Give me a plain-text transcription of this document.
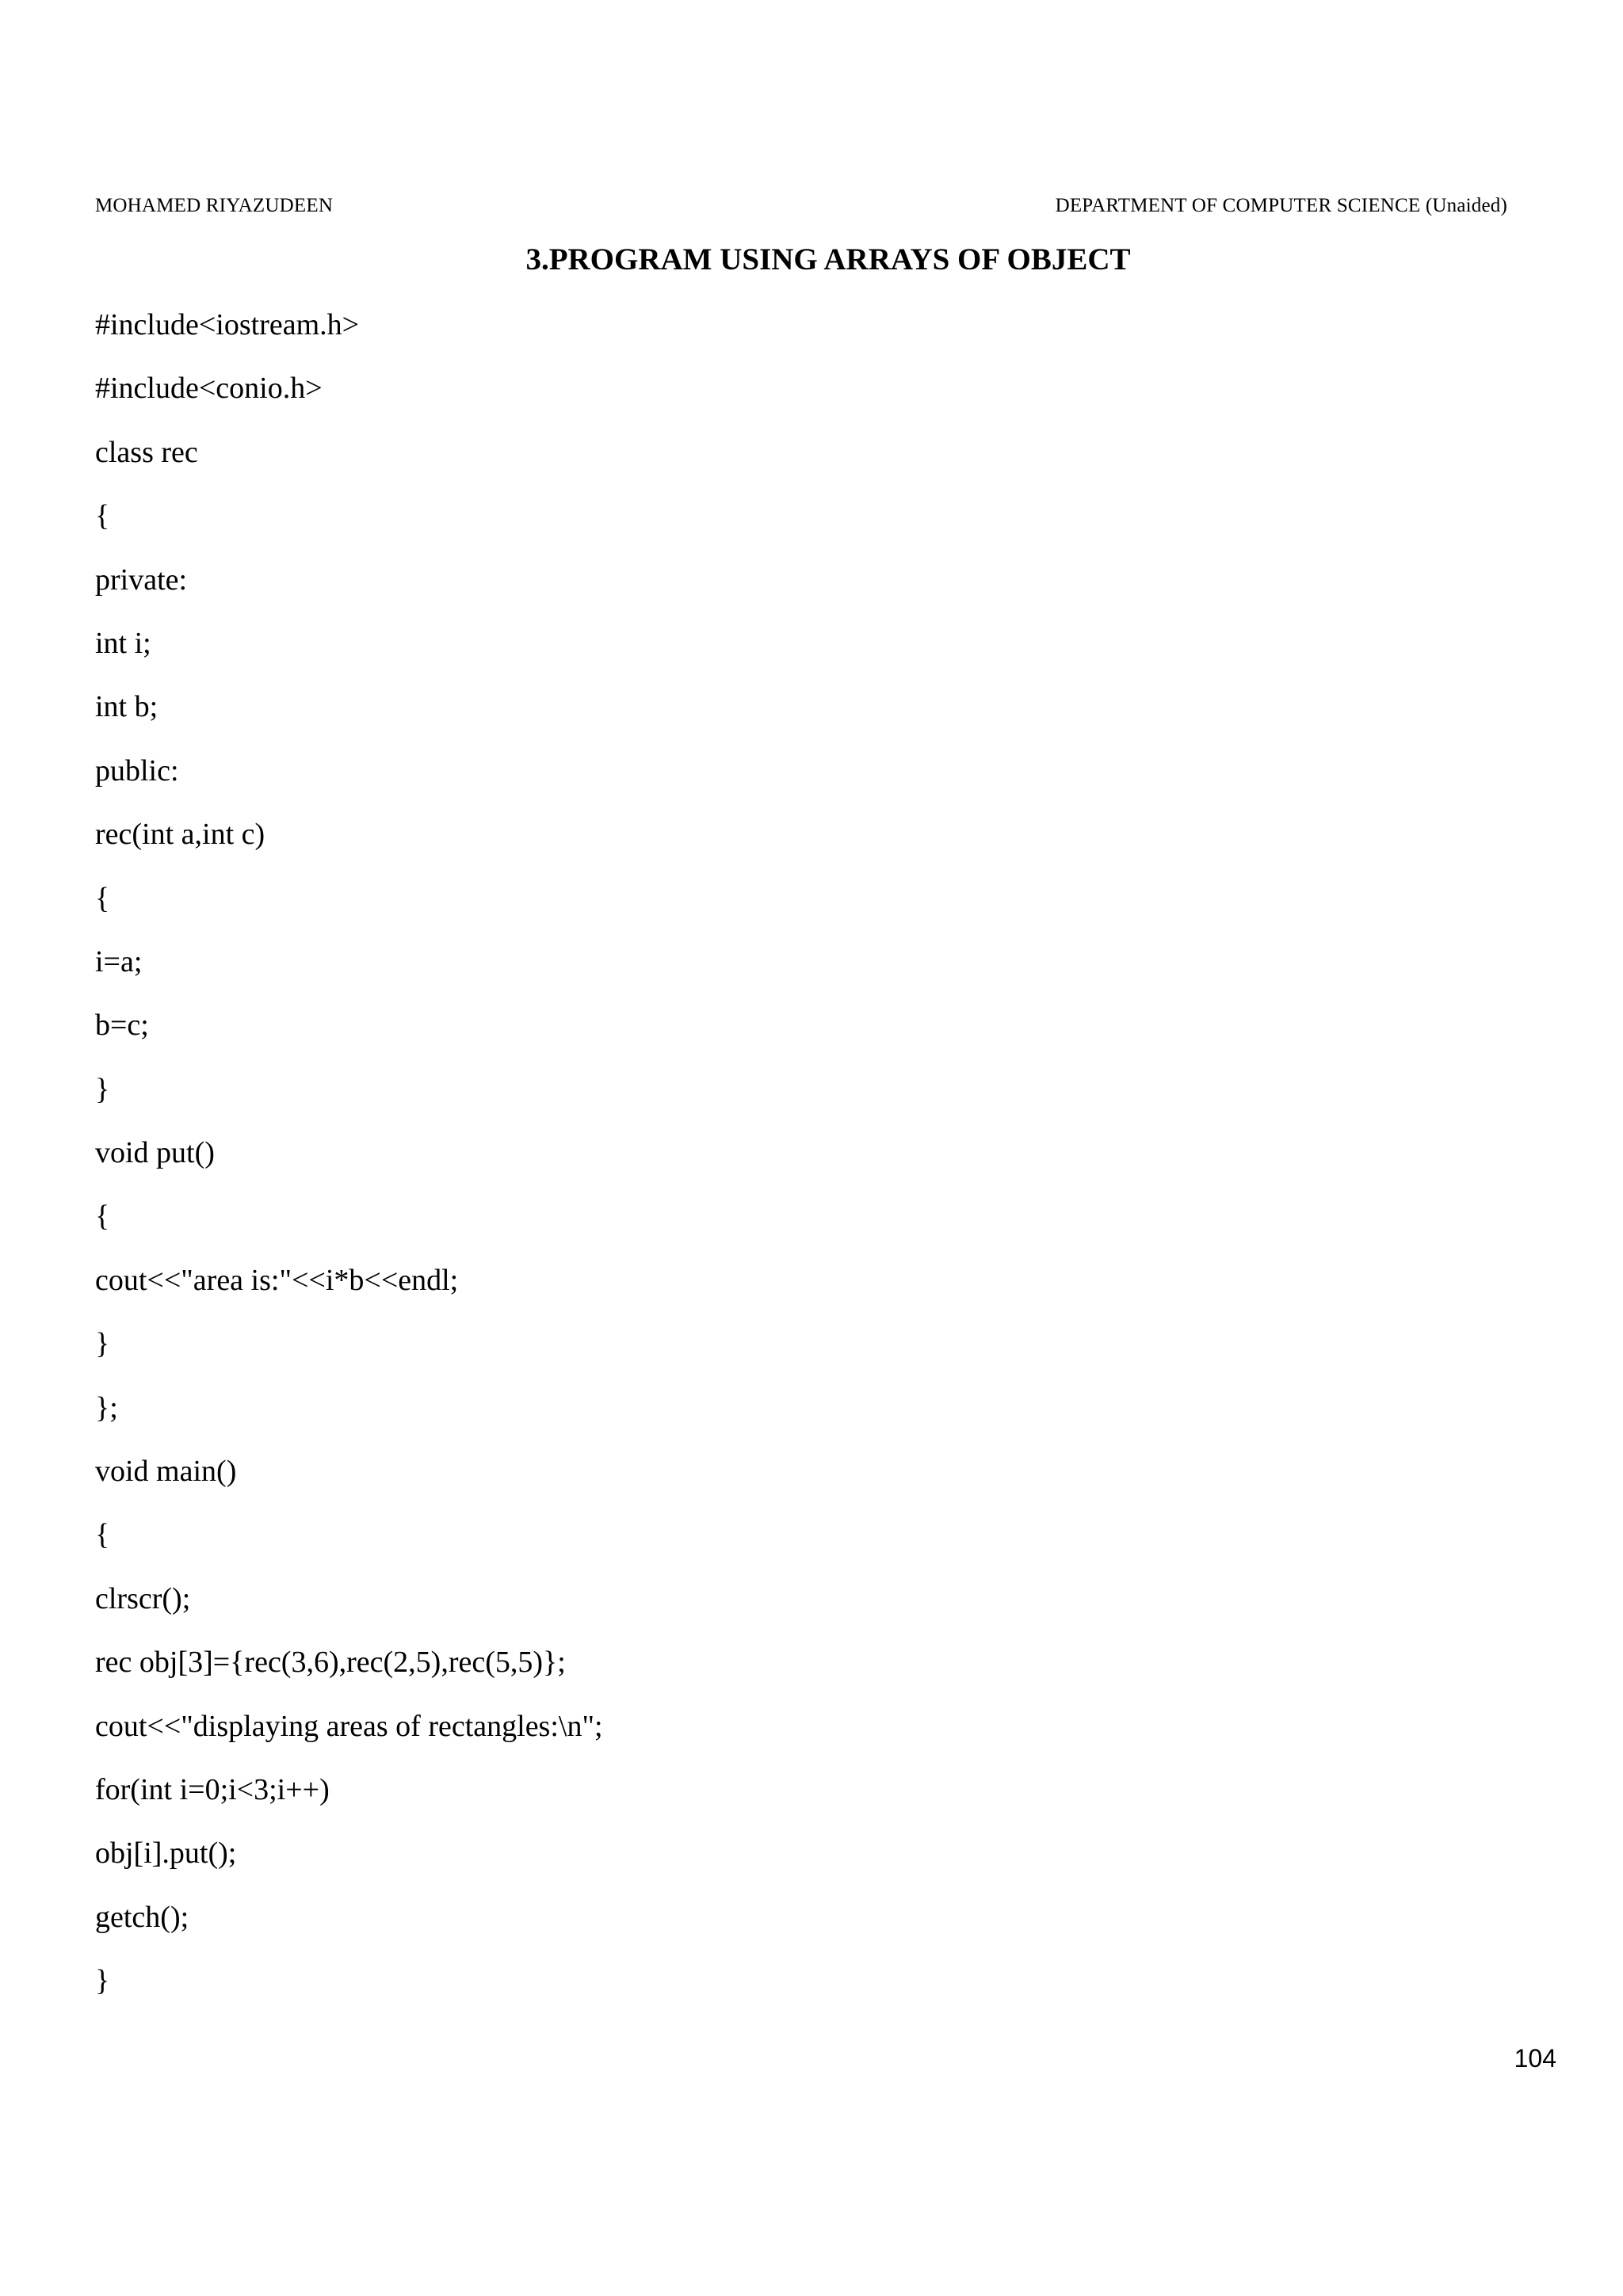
MOHAMED RIYAZUDEEN	DEPARTMENT OF COMPUTER SCIENCE (Unaided)
3.PROGRAM USING ARRAYS OF OBJECT
#include<iostream.h>
#include<conio.h>
class rec
{
private:
int i;
int b;
public:
rec(int a,int c)
{
i=a;
b=c;
}
void put()
{
cout<<"area is:"<<i*b<<endl;
}
};
void main()
{
clrscr();
rec obj[3]={rec(3,6),rec(2,5),rec(5,5)};
cout<<"displaying areas of rectangles:\n";
for(int i=0;i<3;i++)
obj[i].put();
getch();
}
104
